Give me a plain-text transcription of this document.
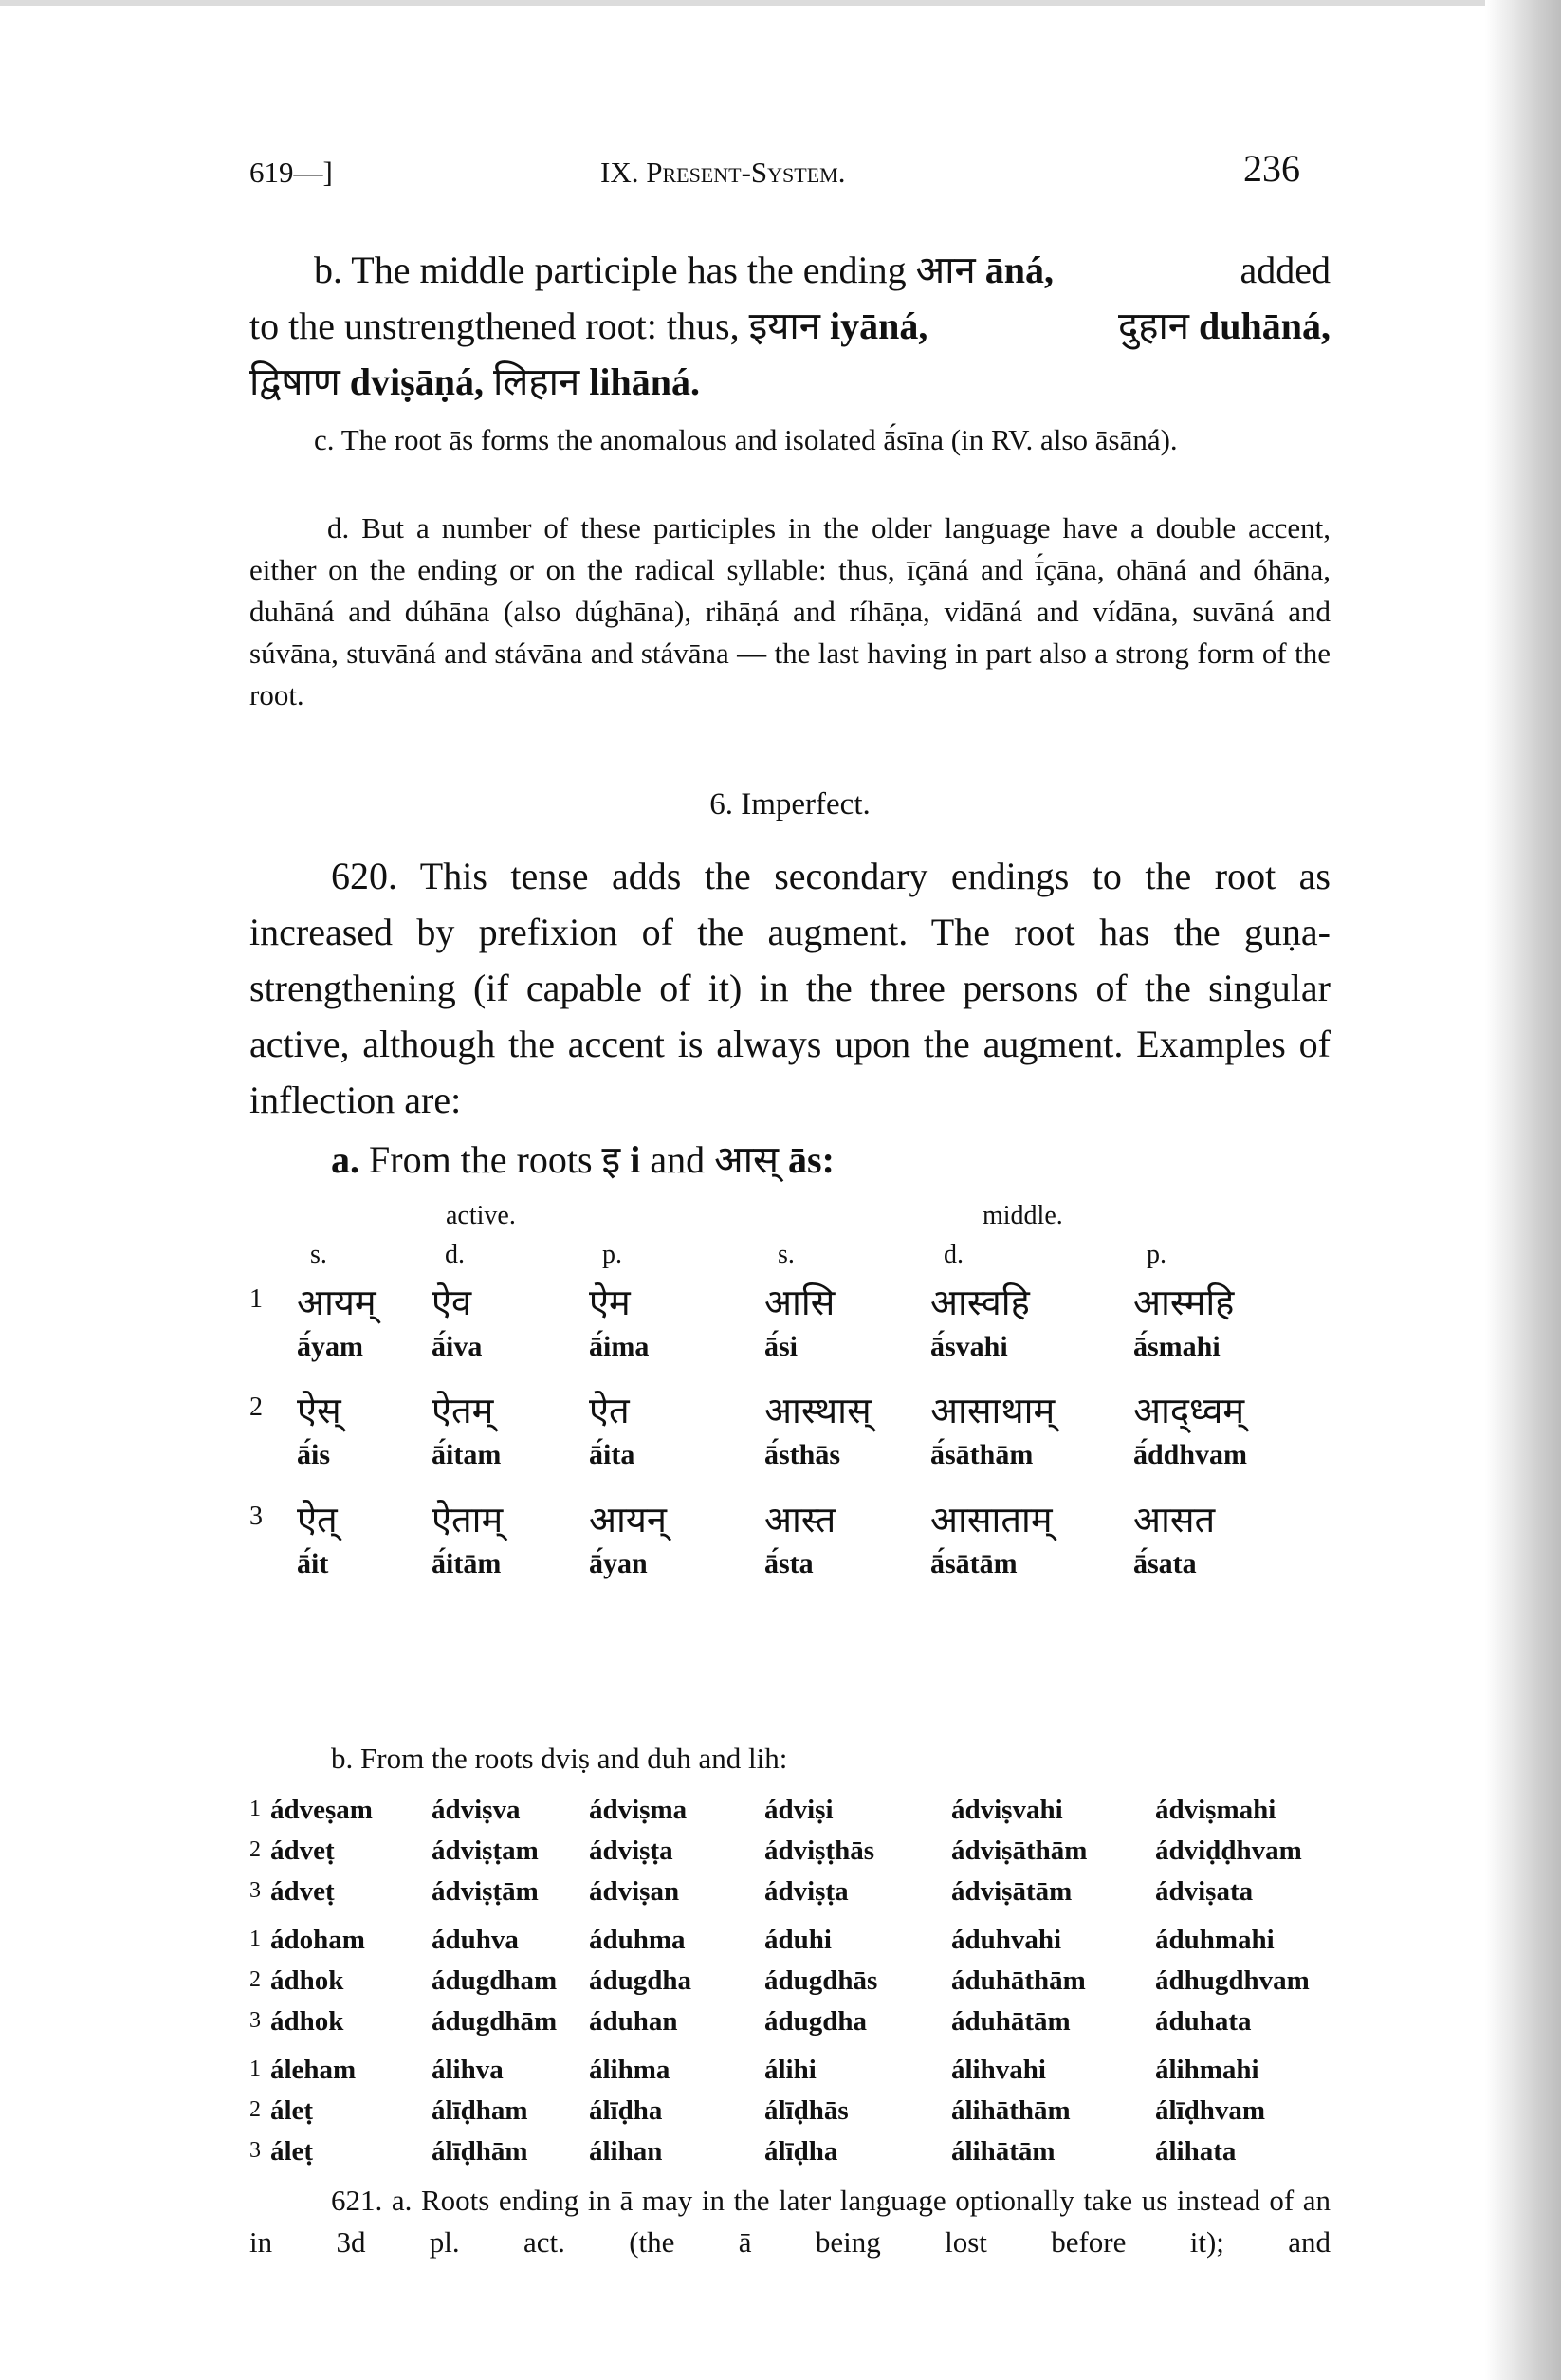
619—]	IX. Present-System.	236
b. The middle participle has the ending आन āná,	added
to the unstrengthened root: thus, इयान iyāná,	दुहान duhāná,
द्विषाण dviṣāṇá, लिहान lihāná.
c. The root ās forms the anomalous and isolated ā́sīna (in RV. also āsāná).
d. But a number of these participles in the older language have a double accent, either on the ending or on the radical syllable: thus, īçāná and ī́çāna, ohāná and óhāna, duhāná and dúhāna (also dúghāna), rihāṇá and ríhāṇa, vidāná and vídāna, suvāná and súvāna, stuvāná and stávāna and stávāna — the last having in part also a strong form of the root.
6. Imperfect.
620. This tense adds the secondary endings to the root as increased by prefixion of the augment. The root has the guṇa-strengthening (if capable of it) in the three persons of the singular active, although the accent is always upon the augment. Examples of inflection are:
a. From the roots इ i and आस् ās:
active.	middle.
s.	d.	p.	s.	d.	p.
1 आयम् ऐव	ऐम	आसि	आस्वहि	आस्महि
ā́yam ā́iva	ā́ima	ā́si	ā́svahi	ā́smahi
2 ऐस्	ऐतम्	ऐत	आस्थास् आसाथाम् आद्ध्वम्
ā́is	ā́itam	ā́ita	ā́sthās	ā́sāthām	ā́ddhvam
3 ऐत्	ऐताम् आयन्	आस्त	आसाताम् आसत
ā́it	ā́itām	ā́yan	ā́sta	ā́sātām	ā́sata
b. From the roots dviṣ and duh and lih:
1 ádveṣam ádviṣva	ádviṣma	ádviṣi	ádviṣvahi	ádviṣmahi
2 ádveṭ	ádviṣṭam ádviṣṭa	ádviṣṭhās	ádviṣāthām ádviḍḍhvam
3 ádveṭ	ádviṣṭām ádviṣan	ádviṣṭa	ádviṣātām	ádviṣata
1 ádoham áduhva	áduhma	áduhi	áduhvahi	áduhmahi
2 ádhok	ádugdham ádugdha	ádugdhās	áduhāthām	ádhugdhvam
3 ádhok	ádugdhām áduhan	ádugdha	áduhātām	áduhata
1 áleham	álihva	álihma	álihi	álihvahi	álihmahi
2 áleṭ	álīḍham álīḍha	álīḍhās	álihāthām	álīḍhvam
3 áleṭ	álīḍhām álihan	álīḍha	álihātām	álihata
621. a. Roots ending in ā may in the later language optionally take us instead of an in 3d pl. act. (the ā being lost before it); and
